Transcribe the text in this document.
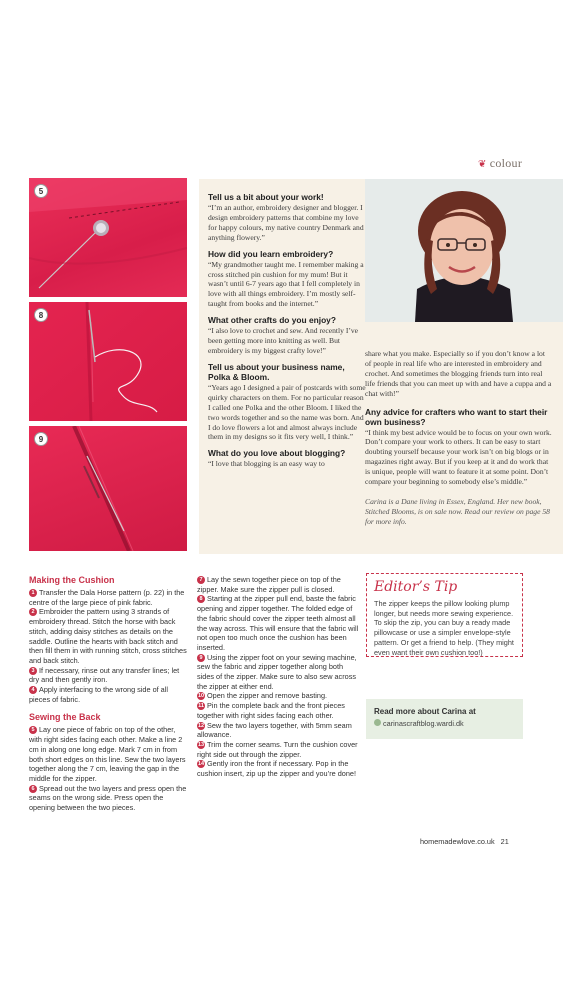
❦ colour
5
8
9
Tell us a bit about your work!

“I’m an author, embroidery designer and blogger. I design embroidery patterns that combine my love for happy colours, my native country Denmark and anything flowery.”

How did you learn embroidery?

“My grandmother taught me. I remember making a cross stitched pin cushion for my mum! But it wasn’t until 6-7 years ago that I fell completely in love with all things embroidery. I’m mostly self-taught from books and the internet.”

What other crafts do you enjoy?

“I also love to crochet and sew. And recently I’ve been getting more into knitting as well. But embroidery is my biggest crafty love!”

Tell us about your business name, Polka & Bloom.

“Years ago I designed a pair of postcards with some quirky characters on them. For no particular reason I called one Polka and the other Bloom. I liked the two words together and so the name was born. And I do love flowers a lot and almost always include them in my designs so it fits very well, I think.”

What do you love about blogging?

“I love that blogging is an easy way to

share what you make. Especially so if you don’t know a lot of people in real life who are interested in embroidery and crochet. And sometimes the blogging friends turn into real life friends that you can meet up with and have a cuppa and a chat with!”

Any advice for crafters who want to start their own business?

“I think my best advice would be to focus on your own work. Don’t compare your work to others. It can be easy to start doubting yourself because your work isn’t on big blogs or in magazines right away. But if you keep at it and do work that is unique, people will want to feature it at some point. Don’t compare your beginning to somebody else’s middle.”

Carina is a Dane living in Essex, England. Her new book, Stitched Blooms, is on sale now. Read our review on page 58 for more info.

Making the Cushion
1 Transfer the Dala Horse pattern (p. 22) in the centre of the large piece of pink fabric.
2 Embroider the pattern using 3 strands of embroidery thread. Stitch the horse with back stitch, adding daisy stitches as details on the saddle. Outline the hearts with back stitch and then fill them in with running stitch, cross stitches and back stitch.
3 If necessary, rinse out any transfer lines; let dry and then gently iron.
4 Apply interfacing to the wrong side of all pieces of fabric.
Sewing the Back
5 Lay one piece of fabric on top of the other, with right sides facing each other. Make a line 2 cm in along one long edge. Mark 7 cm in from both short edges on this line. Sew the two layers together along the 7 cm, leaving the gap in the middle for the zipper.
6 Spread out the two layers and press open the seams on the wrong side. Press open the opening between the two pieces.
7 Lay the sewn together piece on top of the zipper. Make sure the zipper pull is closed.
8 Starting at the zipper pull end, baste the fabric opening and zipper together. The folded edge of the fabric should cover the zipper teeth almost all the way across. This will ensure that the fabric will not open too much once the cushion has been inserted.
9 Using the zipper foot on your sewing machine, sew the fabric and zipper together along both sides of the zipper. Make sure to also sew across the zipper at either end.
10 Open the zipper and remove basting.
11 Pin the complete back and the front pieces together with right sides facing each other.
12 Sew the two layers together, with 5mm seam allowance.
13 Trim the corner seams. Turn the cushion cover right side out through the zipper.
14 Gently iron the front if necessary. Pop in the cushion insert, zip up the zipper and you’re done!
Editor’s Tip
The zipper keeps the pillow looking plump longer, but needs more sewing experience. To skip the zip, you can buy a ready made pillowcase or use a simpler envelope-style pattern. Or get a friend to help. (They might even want their own cushion too!)
Read more about Carina at
carinascraftblog.wardi.dk
homemadewlove.co.uk 21
